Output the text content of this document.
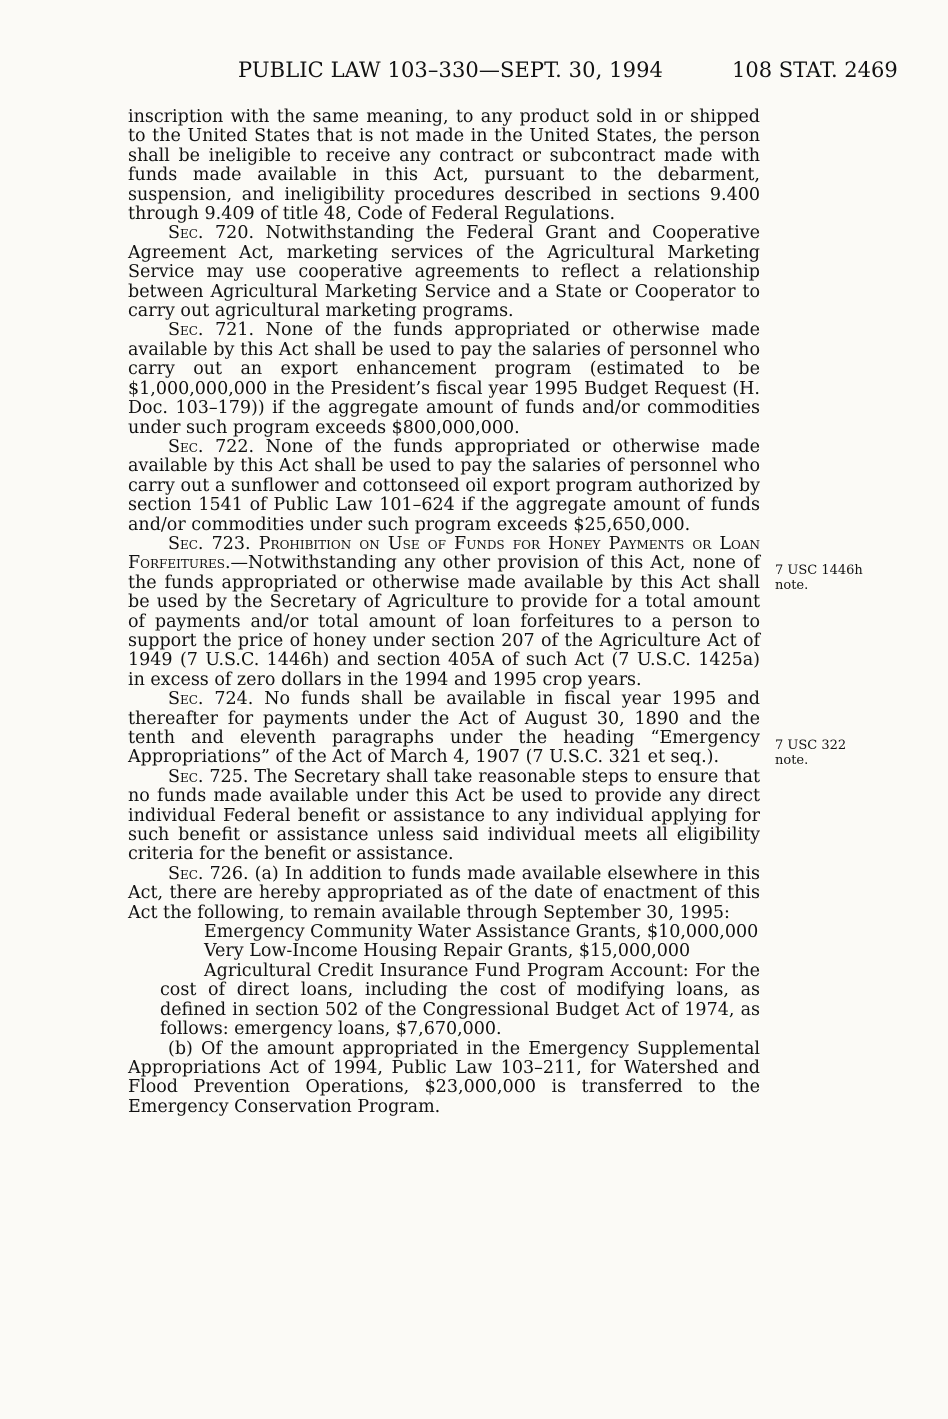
PUBLIC LAW 103–330—SEPT. 30, 1994	108 STAT. 2469

inscription with the same meaning, to any product sold in or shipped to the United States that is not made in the United States, the person shall be ineligible to receive any contract or subcontract made with funds made available in this Act, pursuant to the debarment, suspension, and ineligibility procedures described in sections 9.400 through 9.409 of title 48, Code of Federal Regulations.

Sec. 720. Notwithstanding the Federal Grant and Cooperative Agreement Act, marketing services of the Agricultural Marketing Service may use cooperative agreements to reflect a relationship between Agricultural Marketing Service and a State or Cooperator to carry out agricultural marketing programs.

Sec. 721. None of the funds appropriated or otherwise made available by this Act shall be used to pay the salaries of personnel who carry out an export enhancement program (estimated to be $1,000,000,000 in the President’s fiscal year 1995 Budget Request (H. Doc. 103–179)) if the aggregate amount of funds and/or commodities under such program exceeds $800,000,000.

Sec. 722. None of the funds appropriated or otherwise made available by this Act shall be used to pay the salaries of personnel who carry out a sunflower and cottonseed oil export program authorized by section 1541 of Public Law 101–624 if the aggregate amount of funds and/or commodities under such program exceeds $25,650,000.

Sec. 723. Prohibition on Use of Funds for Honey Payments or Loan Forfeitures.—Notwithstanding any other provision of this Act, none of the funds appropriated or otherwise made available by this Act shall be used by the Secretary of Agriculture to provide for a total amount of payments and/or total amount of loan forfeitures to a person to support the price of honey under section 207 of the Agriculture Act of 1949 (7 U.S.C. 1446h) and section 405A of such Act (7 U.S.C. 1425a) in excess of zero dollars in the 1994 and 1995 crop years.

Sec. 724. No funds shall be available in fiscal year 1995 and thereafter for payments under the Act of August 30, 1890 and the tenth and eleventh paragraphs under the heading “Emergency Appropriations” of the Act of March 4, 1907 (7 U.S.C. 321 et seq.).

Sec. 725. The Secretary shall take reasonable steps to ensure that no funds made available under this Act be used to provide any direct individual Federal benefit or assistance to any individual applying for such benefit or assistance unless said individual meets all eligibility criteria for the benefit or assistance.

Sec. 726. (a) In addition to funds made available elsewhere in this Act, there are hereby appropriated as of the date of enactment of this Act the following, to remain available through September 30, 1995:

Emergency Community Water Assistance Grants, $10,000,000

Very Low-Income Housing Repair Grants, $15,000,000

Agricultural Credit Insurance Fund Program Account: For the cost of direct loans, including the cost of modifying loans, as defined in section 502 of the Congressional Budget Act of 1974, as follows: emergency loans, $7,670,000.

(b) Of the amount appropriated in the Emergency Supplemental Appropriations Act of 1994, Public Law 103–211, for Watershed and Flood Prevention Operations, $23,000,000 is transferred to the Emergency Conservation Program.

7 USC 1446h
note.
7 USC 322
note.
